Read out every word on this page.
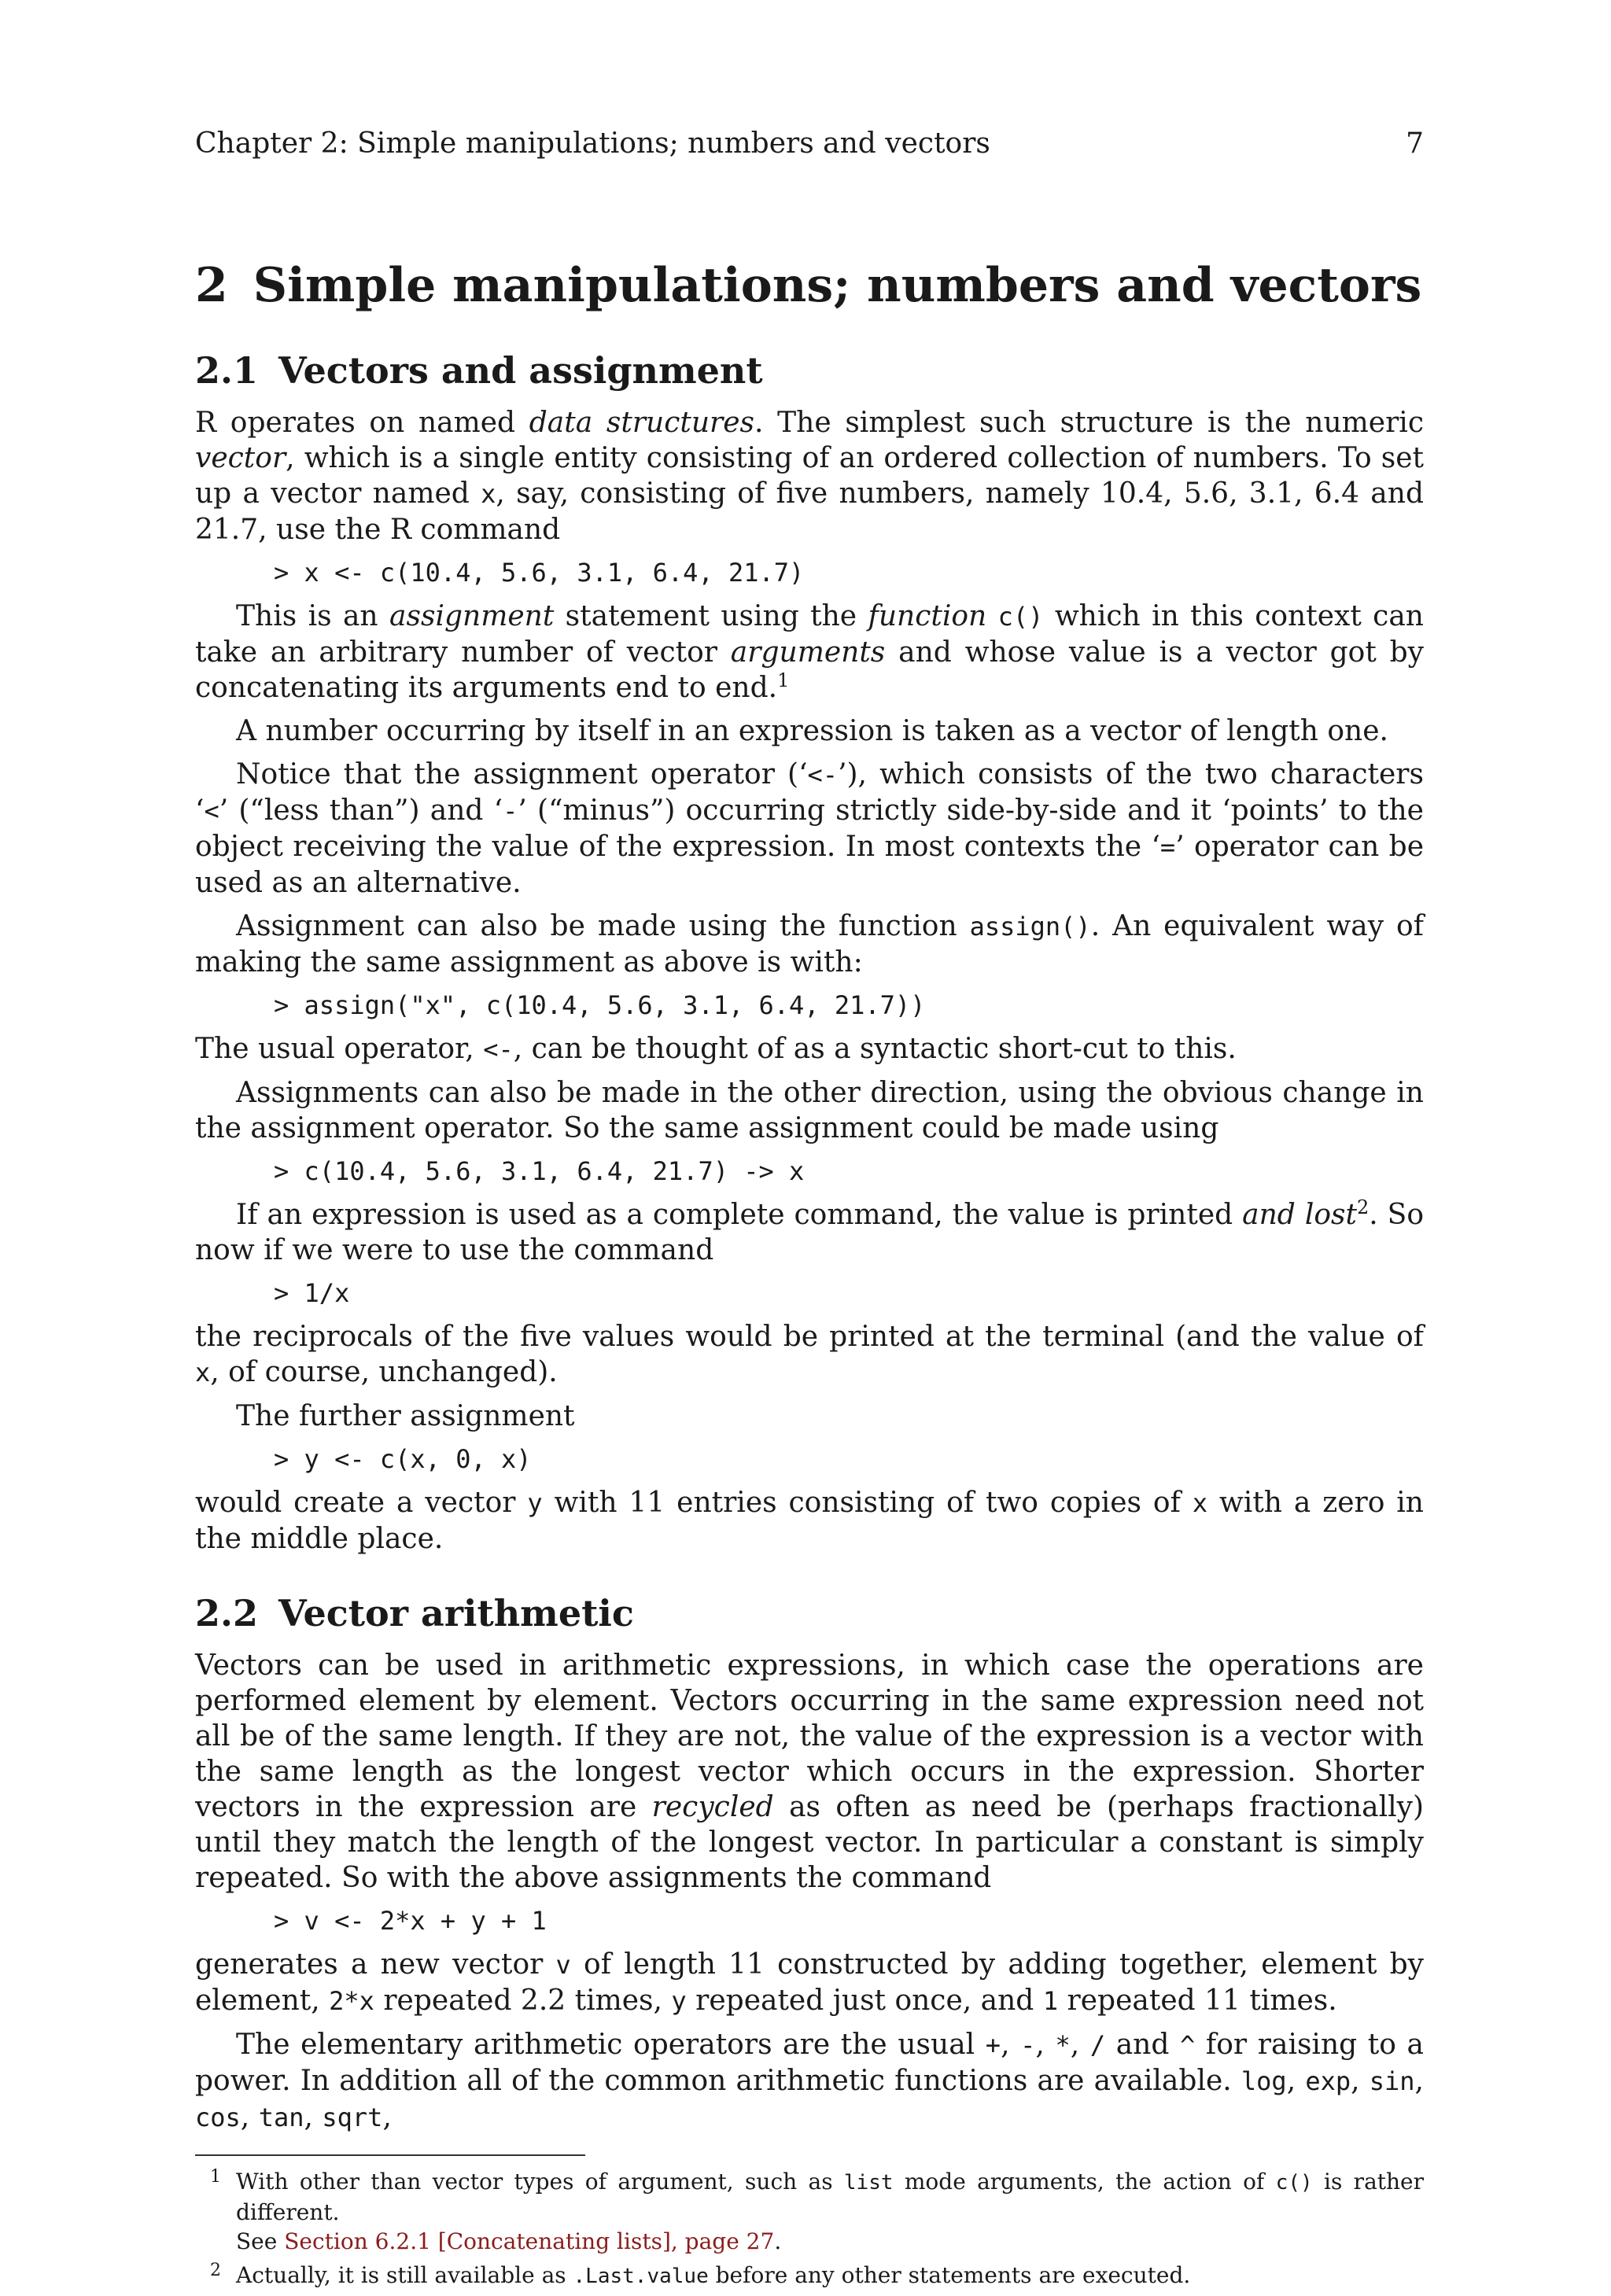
Chapter 2: Simple manipulations; numbers and vectors	7
2 Simple manipulations; numbers and vectors
2.1 Vectors and assignment

R operates on named data structures. The simplest such structure is the numeric vector, which is a single entity consisting of an ordered collection of numbers. To set up a vector named x, say, consisting of five numbers, namely 10.4, 5.6, 3.1, 6.4 and 21.7, use the R command

> x <- c(10.4, 5.6, 3.1, 6.4, 21.7)

This is an assignment statement using the function c() which in this context can take an arbitrary number of vector arguments and whose value is a vector got by concatenating its arguments end to end.$^1$

A number occurring by itself in an expression is taken as a vector of length one.

Notice that the assignment operator (‘<-’), which consists of the two characters ‘<’ (“less than”) and ‘-’ (“minus”) occurring strictly side-by-side and it ‘points’ to the object receiving the value of the expression. In most contexts the ‘=’ operator can be used as an alternative.

Assignment can also be made using the function assign(). An equivalent way of making the same assignment as above is with:

> assign("x", c(10.4, 5.6, 3.1, 6.4, 21.7))

The usual operator, <-, can be thought of as a syntactic short-cut to this.

Assignments can also be made in the other direction, using the obvious change in the assignment operator. So the same assignment could be made using

> c(10.4, 5.6, 3.1, 6.4, 21.7) -> x

If an expression is used as a complete command, the value is printed and lost$^2$. So now if we were to use the command

> 1/x

the reciprocals of the five values would be printed at the terminal (and the value of x, of course, unchanged).

The further assignment

> y <- c(x, 0, x)

would create a vector y with 11 entries consisting of two copies of x with a zero in the middle place.

2.2 Vector arithmetic

Vectors can be used in arithmetic expressions, in which case the operations are performed element by element. Vectors occurring in the same expression need not all be of the same length. If they are not, the value of the expression is a vector with the same length as the longest vector which occurs in the expression. Shorter vectors in the expression are recycled as often as need be (perhaps fractionally) until they match the length of the longest vector. In particular a constant is simply repeated. So with the above assignments the command

> v <- 2*x + y + 1

generates a new vector v of length 11 constructed by adding together, element by element, 2*x repeated 2.2 times, y repeated just once, and 1 repeated 11 times.

The elementary arithmetic operators are the usual +, -, *, / and ^ for raising to a power. In addition all of the common arithmetic functions are available. log, exp, sin, cos, tan, sqrt,

1 With other than vector types of argument, such as list mode arguments, the action of c() is rather different.
See Section 6.2.1 [Concatenating lists], page 27.
2 Actually, it is still available as .Last.value before any other statements are executed.
